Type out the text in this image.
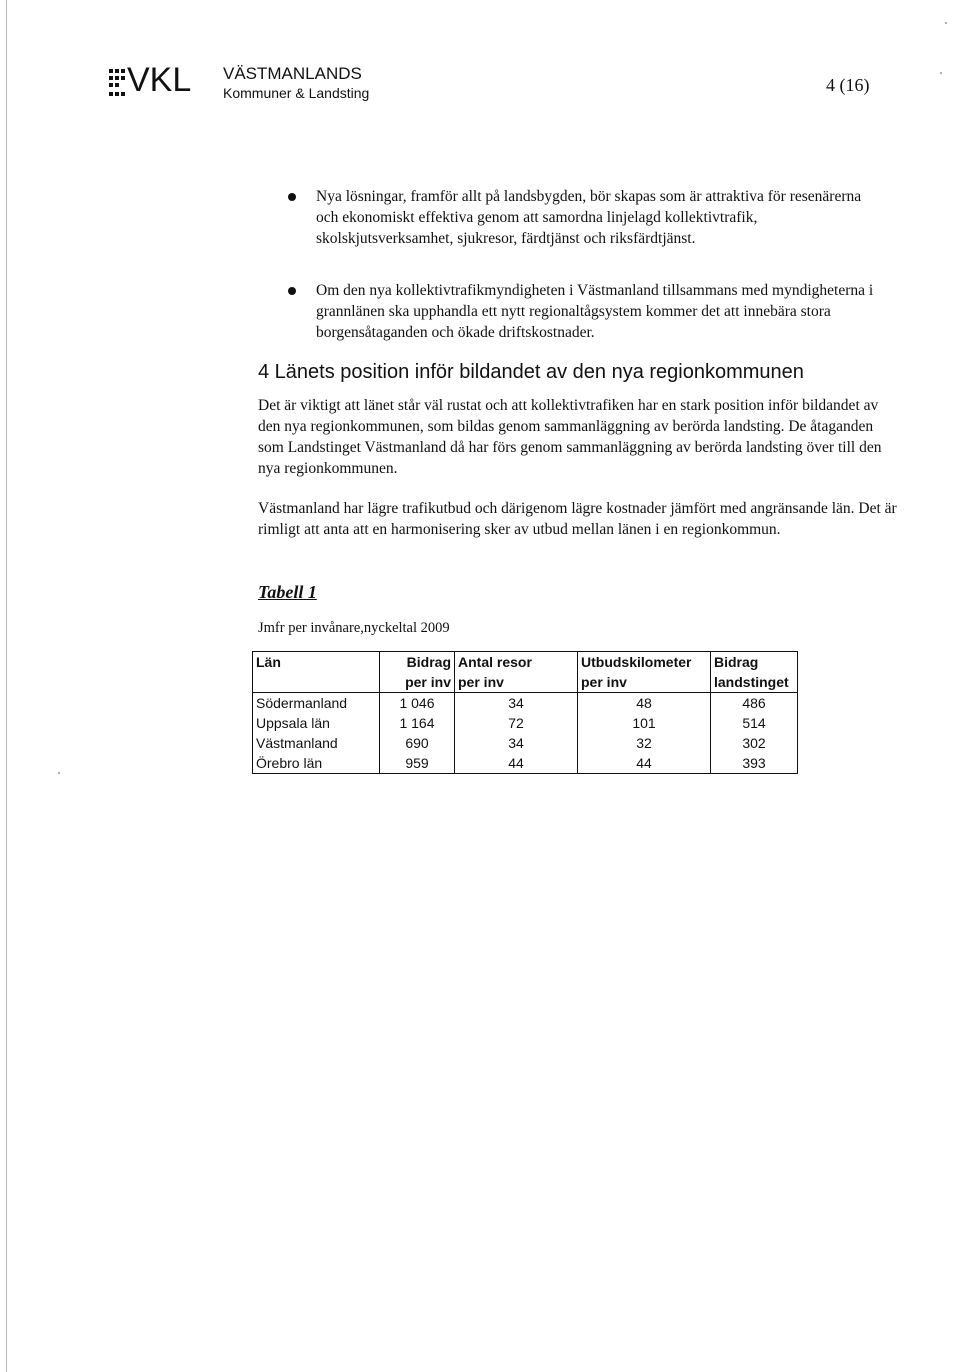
VKL VÄSTMANLANDS
Kommuner & Landsting	4 (16)
Nya lösningar, framför allt på landsbygden, bör skapas som är attraktiva för resenärerna och ekonomiskt effektiva genom att samordna linjelagd kollektivtrafik, skolskjutsverksamhet, sjukresor, färdtjänst och riksfärdtjänst.
Om den nya kollektivtrafikmyndigheten i Västmanland tillsammans med myndigheterna i grannlänen ska upphandla ett nytt regionaltågsystem kommer det att innebära stora borgensåtaganden och ökade driftskostnader.
4 Länets position inför bildandet av den nya regionkommunen
Det är viktigt att länet står väl rustat och att kollektivtrafiken har en stark position inför bildandet av den nya regionkommunen, som bildas genom sammanläggning av berörda landsting. De åtaganden som Landstinget Västmanland då har förs genom sammanläggning av berörda landsting över till den nya regionkommunen.
Västmanland har lägre trafikutbud och därigenom lägre kostnader jämfört med angränsande län. Det är rimligt att anta att en harmonisering sker av utbud mellan länen i en regionkommun.
Tabell 1
Jmfr per invånare,nyckeltal 2009
Län	Bidrag	Antal resor	Utbudskilometer	Bidrag
	per inv	per inv	per inv	landstinget
Södermanland	1 046	34	48	486
Uppsala län	1 164	72	101	514
Västmanland	690	34	32	302
Örebro län	959	44	44	393
